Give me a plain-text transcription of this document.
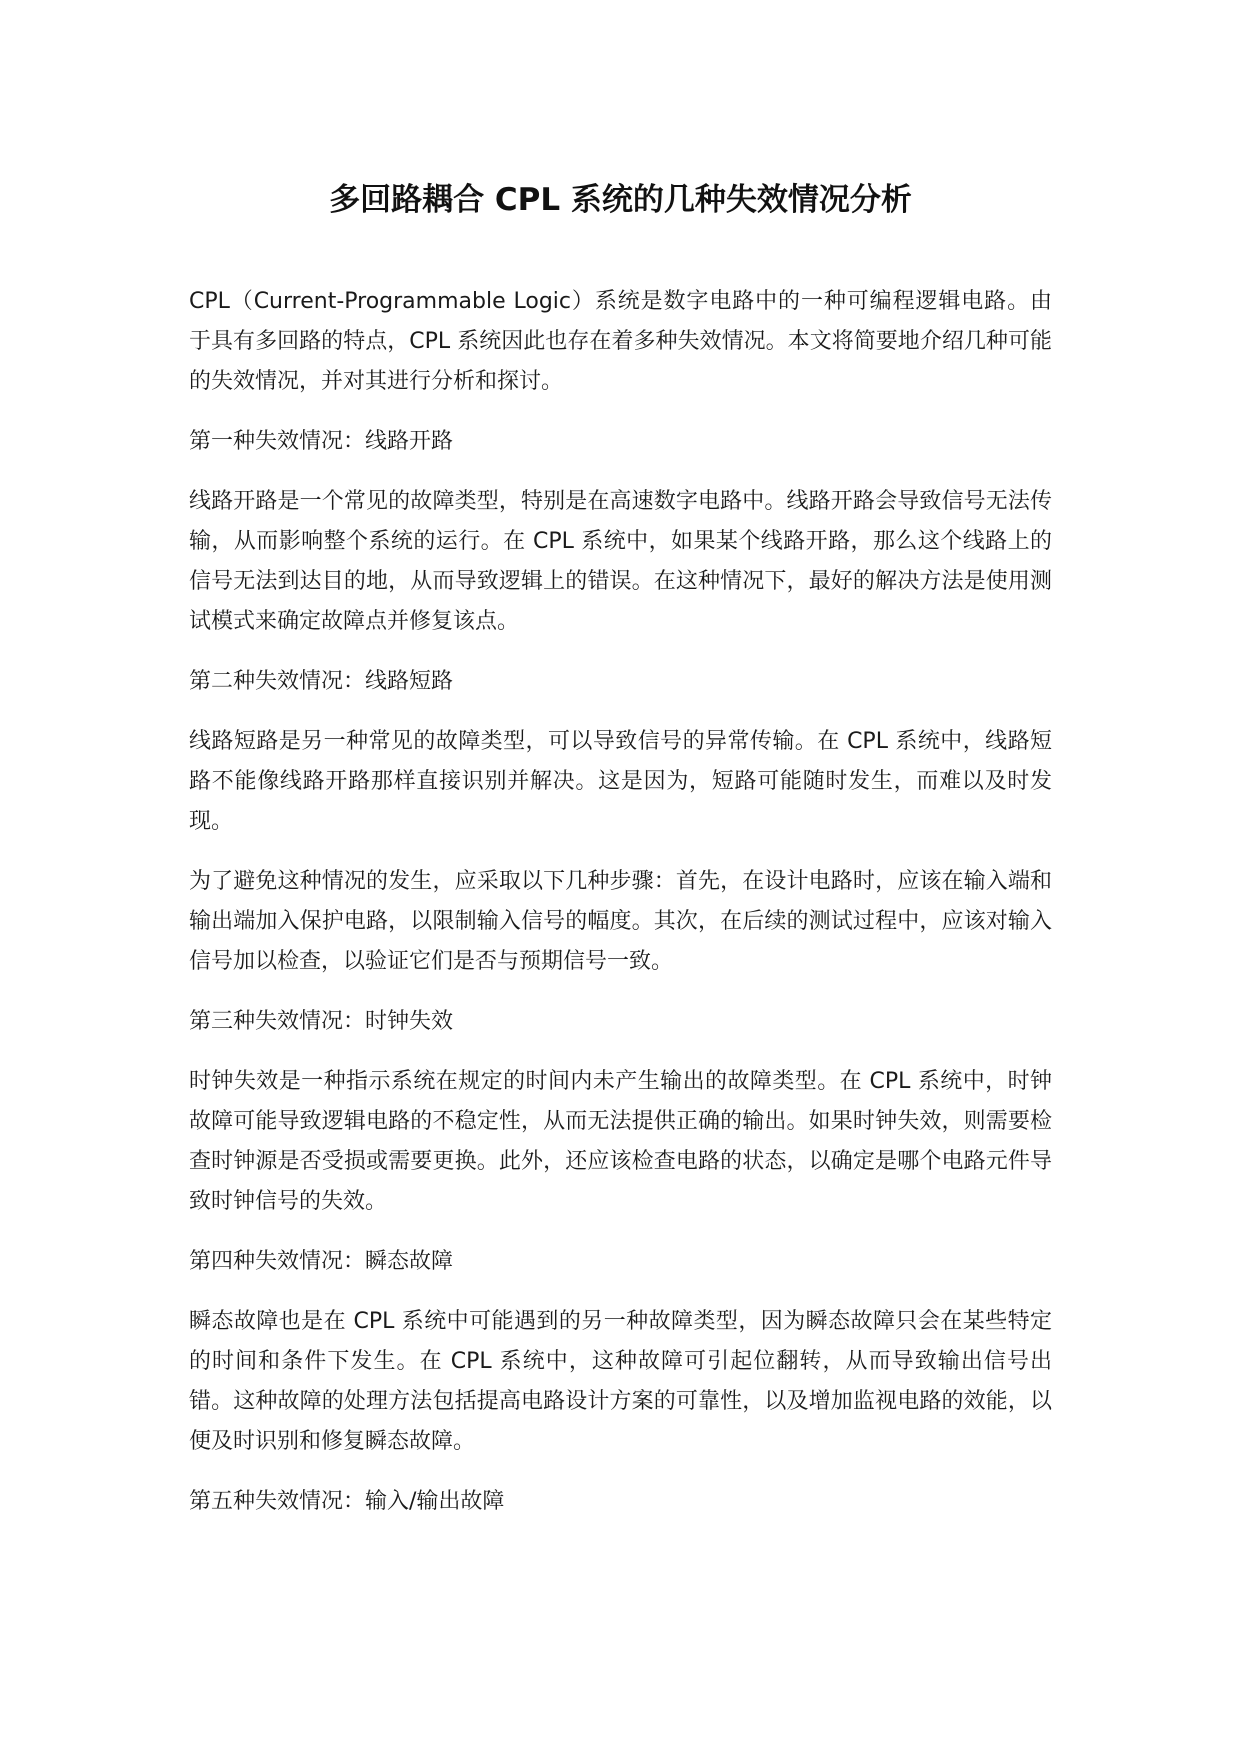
多回路耦合 CPL 系统的几种失效情况分析

CPL（Current-Programmable Logic）系统是数字电路中的一种可编程逻辑电路。由于具有多回路的特点，CPL 系统因此也存在着多种失效情况。本文将简要地介绍几种可能的失效情况，并对其进行分析和探讨。

第一种失效情况：线路开路

线路开路是一个常见的故障类型，特别是在高速数字电路中。线路开路会导致信号无法传输，从而影响整个系统的运行。在 CPL 系统中，如果某个线路开路，那么这个线路上的信号无法到达目的地，从而导致逻辑上的错误。在这种情况下，最好的解决方法是使用测试模式来确定故障点并修复该点。

第二种失效情况：线路短路

线路短路是另一种常见的故障类型，可以导致信号的异常传输。在 CPL 系统中，线路短路不能像线路开路那样直接识别并解决。这是因为，短路可能随时发生，而难以及时发现。

为了避免这种情况的发生，应采取以下几种步骤：首先，在设计电路时，应该在输入端和输出端加入保护电路，以限制输入信号的幅度。其次，在后续的测试过程中，应该对输入信号加以检查，以验证它们是否与预期信号一致。

第三种失效情况：时钟失效

时钟失效是一种指示系统在规定的时间内未产生输出的故障类型。在 CPL 系统中，时钟故障可能导致逻辑电路的不稳定性，从而无法提供正确的输出。如果时钟失效，则需要检查时钟源是否受损或需要更换。此外，还应该检查电路的状态，以确定是哪个电路元件导致时钟信号的失效。

第四种失效情况：瞬态故障

瞬态故障也是在 CPL 系统中可能遇到的另一种故障类型，因为瞬态故障只会在某些特定的时间和条件下发生。在 CPL 系统中，这种故障可引起位翻转，从而导致输出信号出错。这种故障的处理方法包括提高电路设计方案的可靠性，以及增加监视电路的效能，以便及时识别和修复瞬态故障。

第五种失效情况：输入/输出故障
